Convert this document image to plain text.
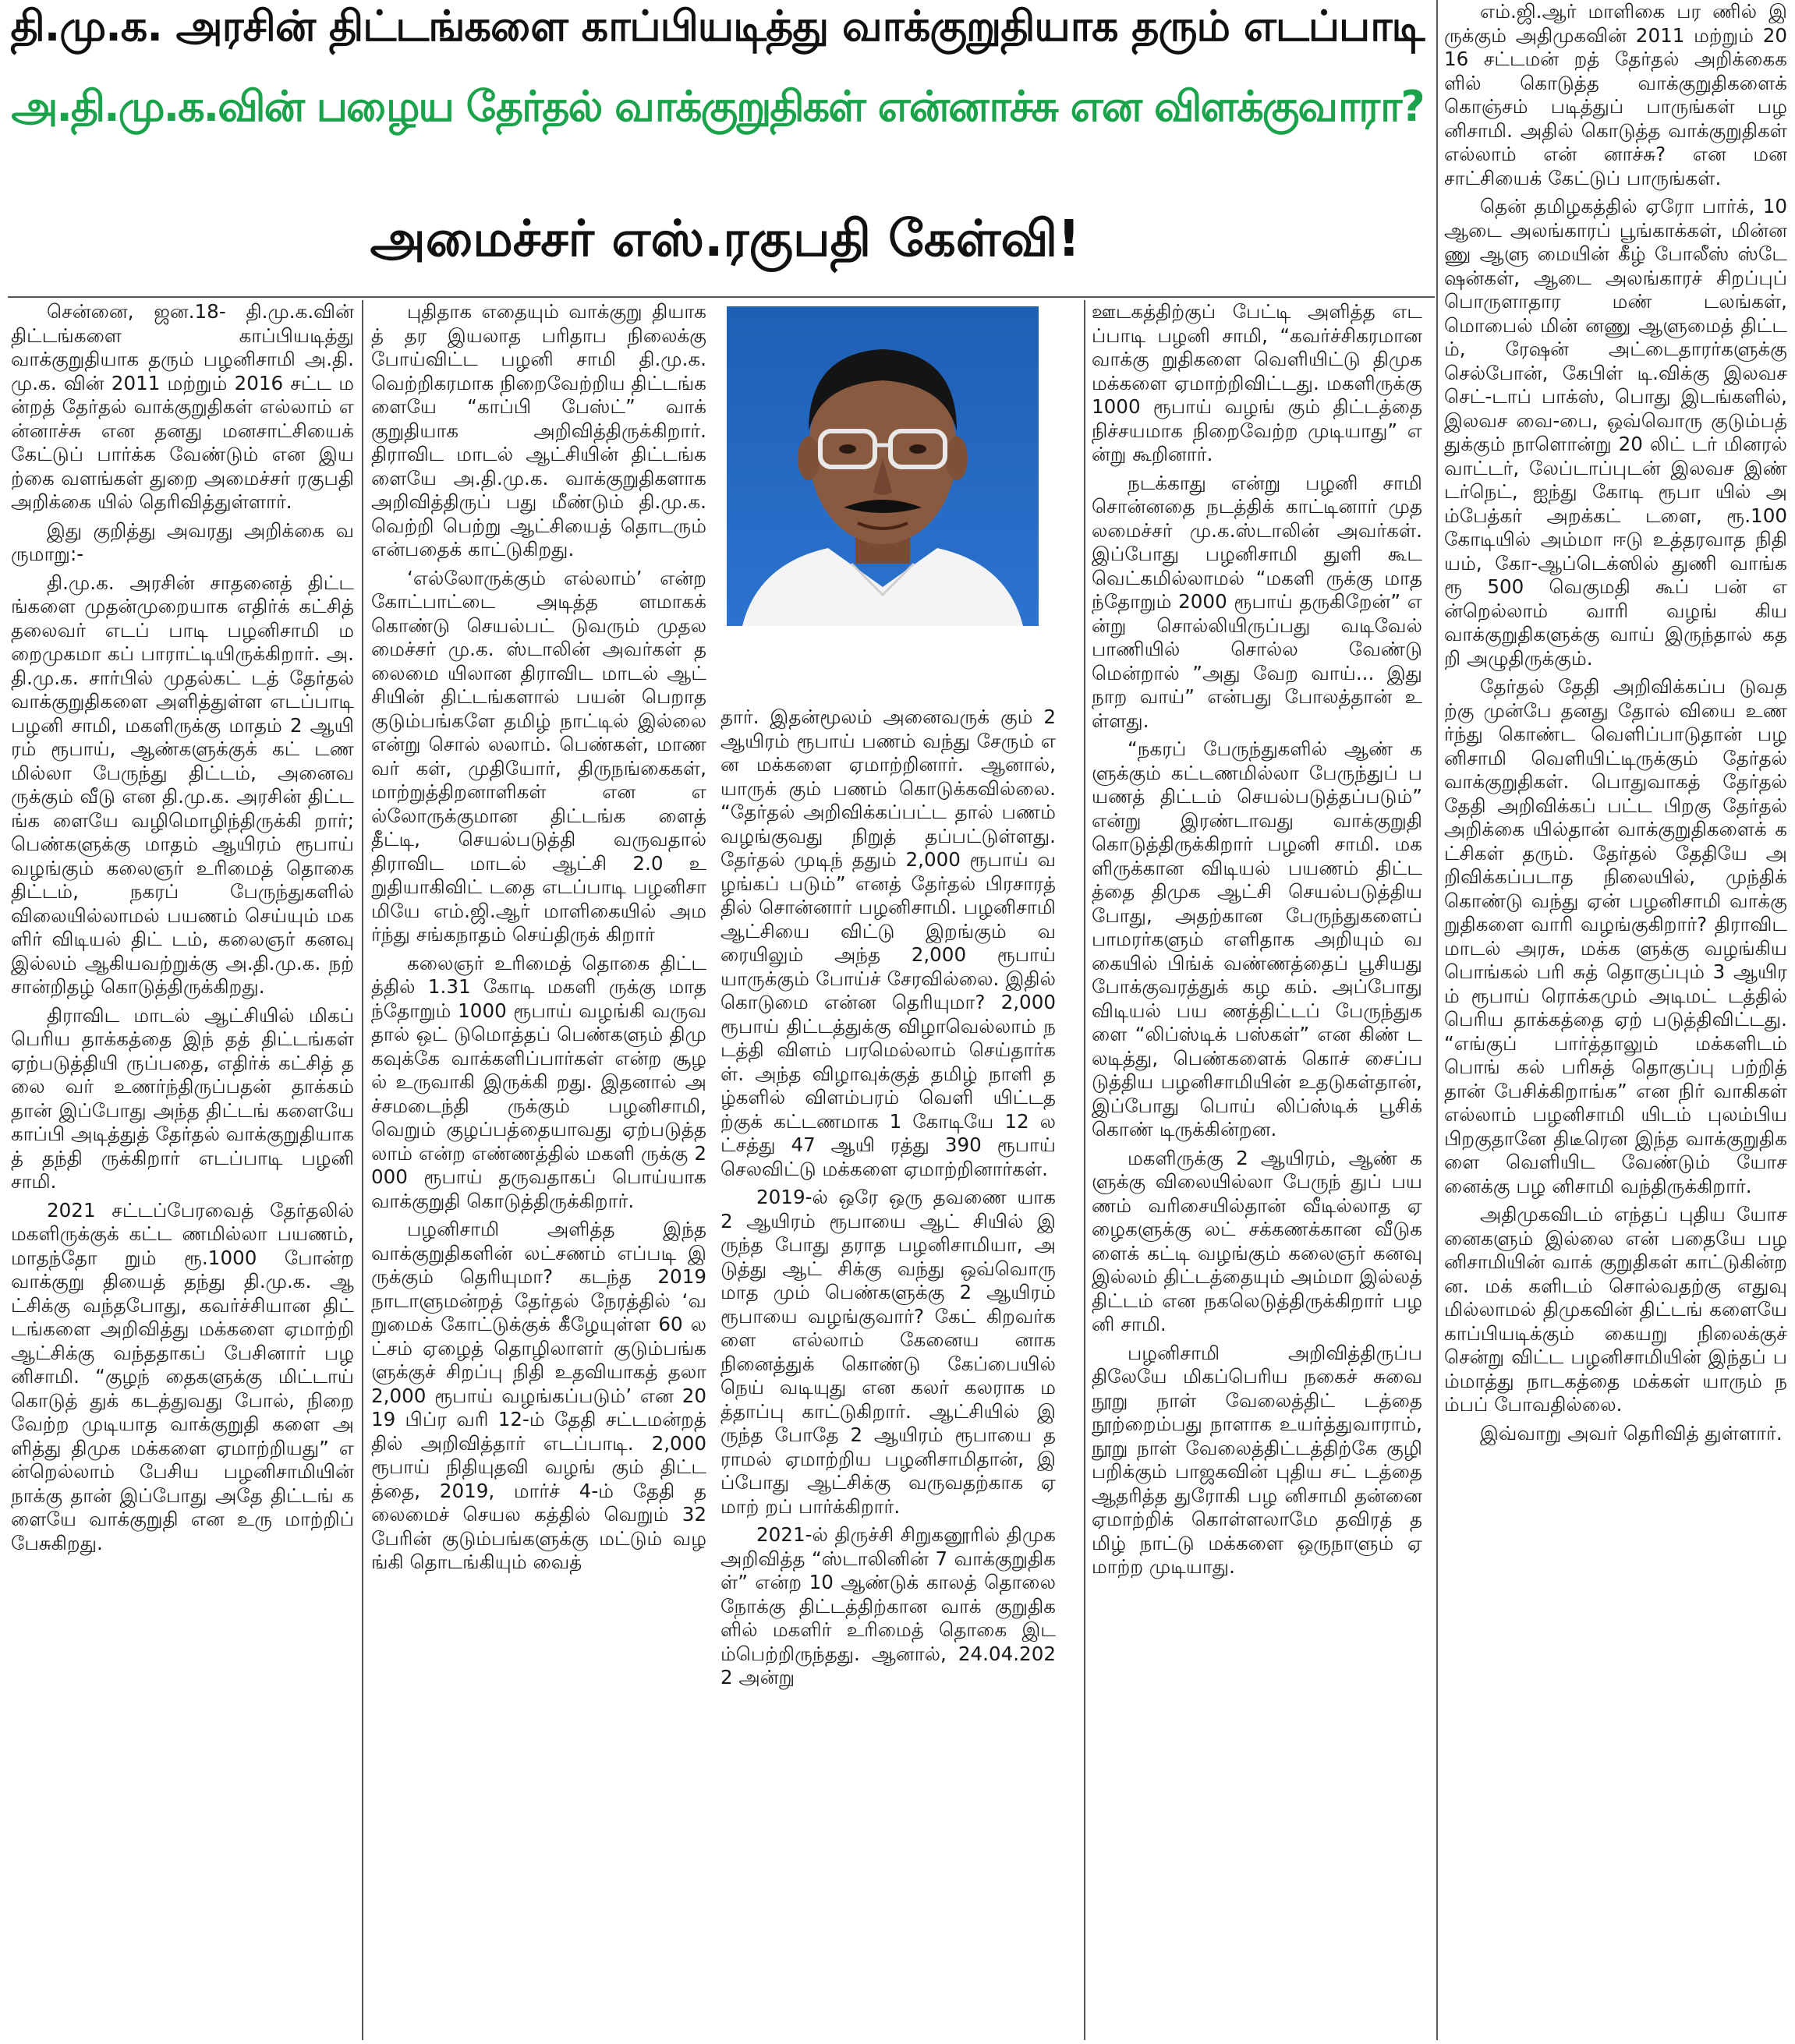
தி.மு.க. அரசின் திட்டங்களை காப்பியடித்து வாக்குறுதியாக தரும் எடப்பாடி
அ.தி.மு.க.வின் பழைய தேர்தல் வாக்குறுதிகள் என்னாச்சு என விளக்குவாரா?
அமைச்சர் எஸ்.ரகுபதி கேள்வி!

சென்னை, ஜன.18- தி.மு.க.வின் திட்டங்களை காப்பியடித்து வாக்குறுதியாக தரும் பழனிசாமி அ.தி.மு.க. வின் 2011 மற்றும் 2016 சட்ட மன்றத் தேர்தல் வாக்குறுதிகள் எல்லாம் என்னாச்சு என தனது மனசாட்சியைக் கேட்டுப் பார்க்க வேண்டும் என இயற்கை வளங்கள் துறை அமைச்சர் ரகுபதி அறிக்கை யில் தெரிவித்துள்ளார்.

இது குறித்து அவரது அறிக்கை வருமாறு:-

தி.மு.க. அரசின் சாதனைத் திட்டங்களை முதன்முறையாக எதிர்க் கட்சித் தலைவர் எடப் பாடி பழனிசாமி மறைமுகமா கப் பாராட்டியிருக்கிறார். அ.தி.மு.க. சார்பில் முதல்கட் டத் தேர்தல் வாக்குறுதிகளை அளித்துள்ள எடப்பாடி பழனி சாமி, மகளிருக்கு மாதம் 2 ஆயி ரம் ரூபாய், ஆண்களுக்குக் கட் டணமில்லா பேருந்து திட்டம், அனைவருக்கும் வீடு என தி.மு.க. அரசின் திட்டங்க ளையே வழிமொழிந்திருக்கி றார்; பெண்களுக்கு மாதம் ஆயிரம் ரூபாய் வழங்கும் கலைஞர் உரிமைத் தொகை திட்டம், நகரப் பேருந்துகளில் விலையில்லாமல் பயணம் செய்யும் மகளிர் விடியல் திட் டம், கலைஞர் கனவு இல்லம் ஆகியவற்றுக்கு அ.தி.மு.க. நற் சான்றிதழ் கொடுத்திருக்கிறது.

திராவிட மாடல் ஆட்சியில் மிகப் பெரிய தாக்கத்தை இந் தத் திட்டங்கள் ஏற்படுத்தியி ருப்பதை, எதிர்க் கட்சித் தலை வர் உணர்ந்திருப்பதன் தாக்கம் தான் இப்போது அந்த திட்டங் களையே காப்பி அடித்துத் தேர்தல் வாக்குறுதியாகத் தந்தி ருக்கிறார் எடப்பாடி பழனி சாமி.

2021 சட்டப்பேரவைத் தேர்தலில் மகளிருக்குக் கட்ட ணமில்லா பயணம், மாதந்தோ றும் ரூ.1000 போன்ற வாக்குறு தியைத் தந்து தி.மு.க. ஆட்சிக்கு வந்தபோது, கவர்ச்சியான திட் டங்களை அறிவித்து மக்களை ஏமாற்றி ஆட்சிக்கு வந்ததாகப் பேசினார் பழனிசாமி. “குழந் தைகளுக்கு மிட்டாய் கொடுத் துக் கடத்துவது போல், நிறை வேற்ற முடியாத வாக்குறுதி களை அளித்து திமுக மக்களை ஏமாற்றியது” என்றெல்லாம் பேசிய பழனிசாமியின் நாக்கு தான் இப்போது அதே திட்டங் களையே வாக்குறுதி என உரு மாற்றிப் பேசுகிறது.

புதிதாக எதையும் வாக்குறு தியாகத் தர இயலாத பரிதாப நிலைக்கு போய்விட்ட பழனி சாமி தி.மு.க. வெற்றிகரமாக நிறைவேற்றிய திட்டங்க ளையே “காப்பி பேஸ்ட்” வாக் குறுதியாக அறிவித்திருக்கிறார். திராவிட மாடல் ஆட்சியின் திட்டங்களையே அ.தி.மு.க. வாக்குறுதிகளாக அறிவித்திருப் பது மீண்டும் தி.மு.க. வெற்றி பெற்று ஆட்சியைத் தொடரும் என்பதைக் காட்டுகிறது.

‘எல்லோருக்கும் எல்லாம்’ என்ற கோட்பாட்டை அடித்த ளமாகக் கொண்டு செயல்பட் டுவரும் முதலமைச்சர் மு.க. ஸ்டாலின் அவர்கள் தலைமை யிலான திராவிட மாடல் ஆட் சியின் திட்டங்களால் பயன் பெறாத குடும்பங்களே தமிழ் நாட்டில் இல்லை என்று சொல் லலாம். பெண்கள், மாணவர் கள், முதியோர், திருநங்கைகள், மாற்றுத்திறனாளிகள் என எல்லோருக்குமான திட்டங்க ளைத் தீட்டி, செயல்படுத்தி வருவதால் திராவிட மாடல் ஆட்சி 2.0 உறுதியாகிவிட் டதை எடப்பாடி பழனிசா மியே எம்.ஜி.ஆர் மாளிகையில் அமர்ந்து சங்கநாதம் செய்திருக் கிறார்

கலைஞர் உரிமைத் தொகை திட்டத்தில் 1.31 கோடி மகளி ருக்கு மாதந்தோறும் 1000 ரூபாய் வழங்கி வருவதால் ஒட் டுமொத்தப் பெண்களும் திமு கவுக்கே வாக்களிப்பார்கள் என்ற சூழல் உருவாகி இருக்கி றது. இதனால் அச்சமடைந்தி ருக்கும் பழனிசாமி, வெறும் குழப்பத்தையாவது ஏற்படுத்த லாம் என்ற எண்ணத்தில் மகளி ருக்கு 2000 ரூபாய் தருவதாகப் பொய்யாக வாக்குறுதி கொடுத்திருக்கிறார்.

பழனிசாமி அளித்த இந்த வாக்குறுதிகளின் லட்சணம் எப்படி இருக்கும் தெரியுமா? கடந்த 2019 நாடாளுமன்றத் தேர்தல் நேரத்தில் ‘வறுமைக் கோட்டுக்குக் கீழேயுள்ள 60 லட்சம் ஏழைத் தொழிலாளர் குடும்பங்களுக்குச் சிறப்பு நிதி உதவியாகத் தலா 2,000 ரூபாய் வழங்கப்படும்’ என 2019 பிப்ர வரி 12-ம் தேதி சட்டமன்றத் தில் அறிவித்தார் எடப்பாடி. 2,000 ரூபாய் நிதியுதவி வழங் கும் திட்டத்தை, 2019, மார்ச் 4-ம் தேதி தலைமைச் செயல கத்தில் வெறும் 32 பேரின் குடும்பங்களுக்கு மட்டும் வழங்கி தொடங்கியும் வைத்

தார். இதன்மூலம் அனைவருக் கும் 2 ஆயிரம் ரூபாய் பணம் வந்து சேரும் என மக்களை ஏமாற்றினார். ஆனால், யாருக் கும் பணம் கொடுக்கவில்லை. “தேர்தல் அறிவிக்கப்பட்ட தால் பணம் வழங்குவது நிறுத் தப்பட்டுள்ளது. தேர்தல் முடிந் ததும் 2,000 ரூபாய் வழங்கப் படும்” எனத் தேர்தல் பிரசாரத் தில் சொன்னார் பழனிசாமி. பழனிசாமி ஆட்சியை விட்டு இறங்கும் வரையிலும் அந்த 2,000 ரூபாய் யாருக்கும் போய்ச் சேரவில்லை. இதில் கொடுமை என்ன தெரியுமா? 2,000 ரூபாய் திட்டத்துக்கு விழாவெல்லாம் நடத்தி விளம் பரமெல்லாம் செய்தார்கள். அந்த விழாவுக்குத் தமிழ் நாளி தழ்களில் விளம்பரம் வெளி யிட்டதற்குக் கட்டணமாக 1 கோடியே 12 லட்சத்து 47 ஆயி ரத்து 390 ரூபாய் செலவிட்டு மக்களை ஏமாற்றினார்கள்.

2019-ல் ஒரே ஒரு தவணை யாக 2 ஆயிரம் ரூபாயை ஆட் சியில் இருந்த போது தராத பழனிசாமியா, அடுத்து ஆட் சிக்கு வந்து ஒவ்வொரு மாத மும் பெண்களுக்கு 2 ஆயிரம் ரூபாயை வழங்குவார்? கேட் கிறவர்களை எல்லாம் கேனைய னாக நினைத்துக் கொண்டு கேப்பையில் நெய் வடியுது என கலர் கலராக மத்தாப்பு காட்டுகிறார். ஆட்சியில் இருந்த போதே 2 ஆயிரம் ரூபாயை தராமல் ஏமாற்றிய பழனிசாமிதான், இப்போது ஆட்சிக்கு வருவதற்காக ஏமாற் றப் பார்க்கிறார்.

2021-ல் திருச்சி சிறுகனூரில் திமுக அறிவித்த “ஸ்டாலினின் 7 வாக்குறுதிகள்” என்ற 10 ஆண்டுக் காலத் தொலை நோக்கு திட்டத்திற்கான வாக் குறுதிகளில் மகளிர் உரிமைத் தொகை இடம்பெற்றிருந்தது. ஆனால், 24.04.2022 அன்று

ஊடகத்திற்குப் பேட்டி அளித்த எடப்பாடி பழனி சாமி, “கவர்ச்சிகரமான வாக்கு றுதிகளை வெளியிட்டு திமுக மக்களை ஏமாற்றிவிட்டது. மகளிருக்கு 1000 ரூபாய் வழங் கும் திட்டத்தை நிச்சயமாக நிறைவேற்ற முடியாது” என்று கூறினார்.

நடக்காது என்று பழனி சாமி சொன்னதை நடத்திக் காட்டினார் முதலமைச்சர் மு.க.ஸ்டாலின் அவர்கள். இப்போது பழனிசாமி துளி கூட வெட்கமில்லாமல் “மகளி ருக்கு மாதந்தோறும் 2000 ரூபாய் தருகிறேன்” என்று சொல்லியிருப்பது வடிவேல் பாணியில் சொல்ல வேண்டு மென்றால் ”அது வேற வாய்... இது நாற வாய்” என்பது போலத்தான் உள்ளது.

“நகரப் பேருந்துகளில் ஆண் களுக்கும் கட்டணமில்லா பேருந்துப் பயணத் திட்டம் செயல்படுத்தப்படும்” என்று இரண்டாவது வாக்குறுதி கொடுத்திருக்கிறார் பழனி சாமி. மகளிருக்கான விடியல் பயணம் திட்டத்தை திமுக ஆட்சி செயல்படுத்திய போது, அதற்கான பேருந்துகளைப் பாமரர்களும் எளிதாக அறியும் வகையில் பிங்க் வண்ணத்தைப் பூசியது போக்குவரத்துக் கழ கம். அப்போது விடியல் பய ணத்திட்டப் பேருந்துகளை “லிப்ஸ்டிக் பஸ்கள்” என கிண் டலடித்து, பெண்களைக் கொச் சைப்படுத்திய பழனிசாமியின் உதடுகள்தான், இப்போது பொய் லிப்ஸ்டிக் பூசிக் கொண் டிருக்கின்றன.

மகளிருக்கு 2 ஆயிரம், ஆண் களுக்கு விலையில்லா பேருந் துப் பயணம் வரிசையில்தான் வீடில்லாத ஏழைகளுக்கு லட் சக்கணக்கான வீடுகளைக் கட்டி வழங்கும் கலைஞர் கனவு இல்லம் திட்டத்தையும் அம்மா இல்லத் திட்டம் என நகலெடுத்திருக்கிறார் பழனி சாமி.

பழனிசாமி அறிவித்திருப்ப திலேயே மிகப்பெரிய நகைச் சுவை நூறு நாள் வேலைத்திட் டத்தை நூற்றைம்பது நாளாக உயர்த்துவாராம், நூறு நாள் வேலைத்திட்டத்திற்கே குழி பறிக்கும் பாஜகவின் புதிய சட் டத்தை ஆதரித்த துரோகி பழ னிசாமி தன்னை ஏமாற்றிக் கொள்ளலாமே தவிரத் தமிழ் நாட்டு மக்களை ஒருநாளும் ஏமாற்ற முடியாது.

எம்.ஜி.ஆர் மாளிகை பர ணில் இருக்கும் அதிமுகவின் 2011 மற்றும் 2016 சட்டமன் றத் தேர்தல் அறிக்கைகளில் கொடுத்த வாக்குறுதிகளைக் கொஞ்சம் படித்துப் பாருங்கள் பழனிசாமி. அதில் கொடுத்த வாக்குறுதிகள் எல்லாம் என் னாச்சு? என மனசாட்சியைக் கேட்டுப் பாருங்கள்.

தென் தமிழகத்தில் ஏரோ பார்க், 10 ஆடை அலங்காரப் பூங்காக்கள், மின்னணு ஆளு மையின் கீழ் போலீஸ் ஸ்டே ஷன்கள், ஆடை அலங்காரச் சிறப்புப் பொருளாதார மண் டலங்கள், மொபைல் மின் னணு ஆளுமைத் திட்டம், ரேஷன் அட்டைதாரர்களுக்கு செல்போன், கேபிள் டி.விக்கு இலவச செட்-டாப் பாக்ஸ், பொது இடங்களில், இலவச வை-பை, ஒவ்வொரு குடும்பத் துக்கும் நாளொன்று 20 லிட் டர் மினரல் வாட்டர், லேப்டாப்புடன் இலவச இண் டர்நெட், ஐந்து கோடி ரூபா யில் அம்பேத்கர் அறக்கட் டளை, ரூ.100 கோடியில் அம்மா ஈடு உத்தரவாத நிதி யம், கோ-ஆப்டெக்ஸில் துணி வாங்க ரூ 500 வெகுமதி கூப் பன் என்றெல்லாம் வாரி வழங் கிய வாக்குறுதிகளுக்கு வாய் இருந்தால் கதறி அழுதிருக்கும்.

தேர்தல் தேதி அறிவிக்கப்ப டுவதற்கு முன்பே தனது தோல் வியை உணர்ந்து கொண்ட வெளிப்பாடுதான் பழனிசாமி வெளியிட்டிருக்கும் தேர்தல் வாக்குறுதிகள். பொதுவாகத் தேர்தல் தேதி அறிவிக்கப் பட்ட பிறகு தேர்தல் அறிக்கை யில்தான் வாக்குறுதிகளைக் கட்சிகள் தரும். தேர்தல் தேதியே அறிவிக்கப்படாத நிலையில், முந்திக் கொண்டு வந்து ஏன் பழனிசாமி வாக்கு றுதிகளை வாரி வழங்குகிறார்? திராவிட மாடல் அரசு, மக்க ளுக்கு வழங்கிய பொங்கல் பரி சுத் தொகுப்பும் 3 ஆயிரம் ரூபாய் ரொக்கமும் அடிமட் டத்தில் பெரிய தாக்கத்தை ஏற் படுத்திவிட்டது. “எங்குப் பார்த்தாலும் மக்களிடம் பொங் கல் பரிசுத் தொகுப்பு பற்றித் தான் பேசிக்கிறாங்க” என நிர் வாகிகள் எல்லாம் பழனிசாமி யிடம் புலம்பிய பிறகுதானே திடீரென இந்த வாக்குறுதிகளை வெளியிட வேண்டும் யோசனைக்கு பழ னிசாமி வந்திருக்கிறார்.

அதிமுகவிடம் எந்தப் புதிய யோசனைகளும் இல்லை என் பதையே பழனிசாமியின் வாக் குறுதிகள் காட்டுகின்றன. மக் களிடம் சொல்வதற்கு எதுவு மில்லாமல் திமுகவின் திட்டங் களையே காப்பியடிக்கும் கையறு நிலைக்குச் சென்று விட்ட பழனிசாமியின் இந்தப் பம்மாத்து நாடகத்தை மக்கள் யாரும் நம்பப் போவதில்லை.

இவ்வாறு அவர் தெரிவித் துள்ளார்.
